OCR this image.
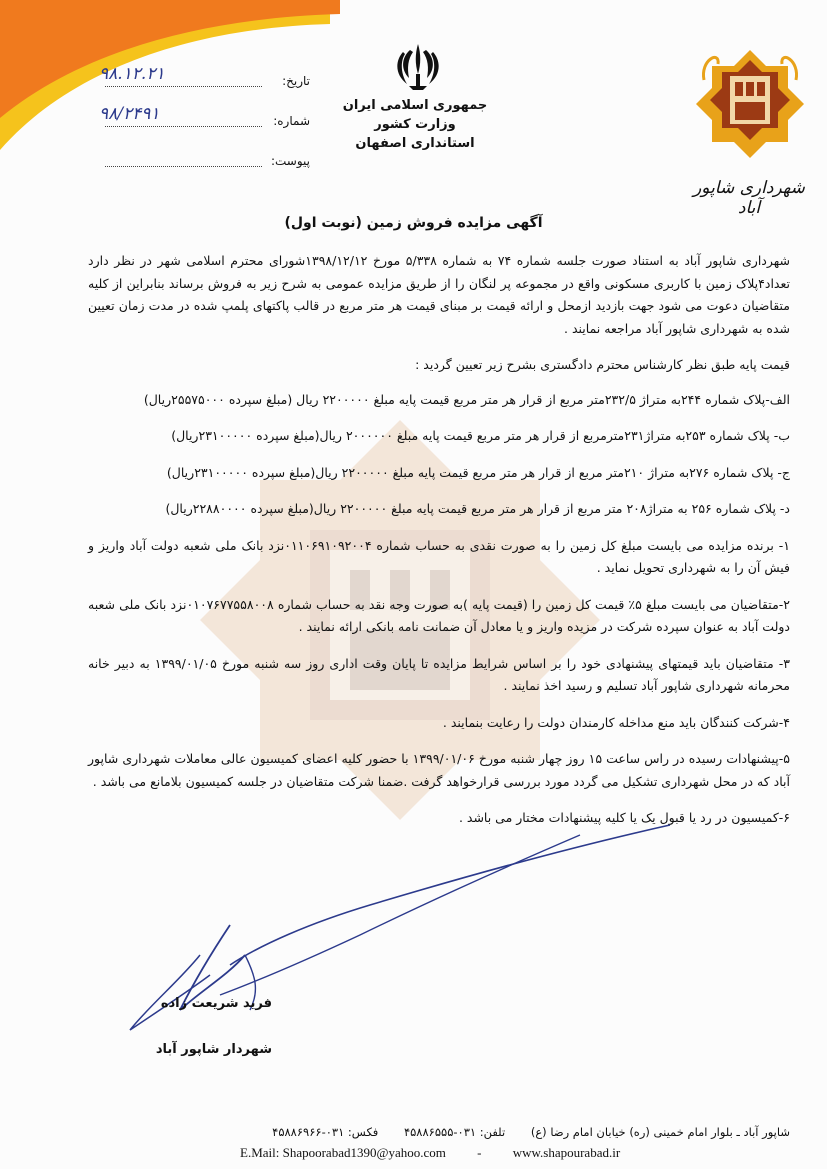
جمهوری اسلامی ایران
وزارت کشور
استانداری اصفهان
شهرداری شاپور آباد
تاریخ:
۹۸.۱۲.۲۱
شماره:
۹۸/۲۴۹۱
پیوست:
آگهی مزایده فروش زمین (نوبت اول)

شهرداری شاپور آباد به استناد صورت جلسه شماره ۷۴ به شماره ۵/۳۳۸ مورخ ۱۳۹۸/۱۲/۱۲شورای محترم اسلامی شهر در نظر دارد تعداد۴پلاک زمین با کاربری مسکونی واقع در مجموعه پر لنگان را از طریق مزایده عمومی به شرح زیر به فروش برساند بنابراین از کلیه متقاضیان دعوت می شود جهت بازدید ازمحل و ارائه قیمت بر مبنای قیمت هر متر مربع در قالب پاکتهای پلمپ شده در مدت زمان تعیین شده به شهرداری شاپور آباد مراجعه نمایند .

قیمت پایه طبق نظر کارشناس محترم دادگستری بشرح زیر تعیین گردید :

الف-پلاک شماره ۲۴۴به متراژ ۲۳۲/۵متر مربع از قرار هر متر مربع قیمت پایه مبلغ ۲۲۰۰۰۰۰ ریال (مبلغ سپرده ۲۵۵۷۵۰۰۰ریال)

ب- پلاک شماره ۲۵۳به متراژ۲۳۱مترمربع از قرار هر متر مربع قیمت پایه مبلغ ۲۰۰۰۰۰۰ ریال(مبلغ سپرده ۲۳۱۰۰۰۰۰ریال)

ج- پلاک شماره ۲۷۶به متراژ ۲۱۰متر مربع از قرار هر متر مربع قیمت پایه مبلغ ۲۲۰۰۰۰۰ ریال(مبلغ سپرده ۲۳۱۰۰۰۰۰ریال)

د- پلاک شماره ۲۵۶ به متراژ۲۰۸ متر مربع از قرار هر متر مربع قیمت پایه مبلغ ۲۲۰۰۰۰۰ ریال(مبلغ سپرده ۲۲۸۸۰۰۰۰ریال)

۱- برنده مزایده می بایست مبلغ کل زمین را به صورت نقدی به حساب شماره ۰۱۱۰۶۹۱۰۹۲۰۰۴نزد بانک ملی شعبه دولت آباد واریز و فیش آن را به شهرداری تحویل نماید .

۲-متقاضیان می بایست مبلغ ۵٪ قیمت کل زمین را (قیمت پایه )به صورت وجه نقد به حساب شماره ۰۱۰۷۶۷۷۵۵۸۰۰۸نزد بانک ملی شعبه دولت آباد به عنوان سپرده شرکت در مزیده واریز و یا معادل آن ضمانت نامه بانکی ارائه نمایند .

۳- متقاضیان باید قیمتهای پیشنهادی خود را بر اساس شرایط مزایده تا پایان وقت اداری روز سه شنبه مورخ ۱۳۹۹/۰۱/۰۵ به دبیر خانه محرمانه شهرداری شاپور آباد تسلیم و رسید اخذ نمایند .

۴-شرکت کنندگان باید منع مداخله کارمندان دولت را رعایت بنمایند .

۵-پیشنهادات رسیده در راس ساعت ۱۵ روز چهار شنبه مورخ ۱۳۹۹/۰۱/۰۶ با حضور کلیه اعضای کمیسیون عالی معاملات شهرداری شاپور آباد که در محل شهرداری تشکیل می گردد مورد بررسی قرارخواهد گرفت .ضمنا شرکت متقاضیان در جلسه کمیسیون بلامانع می باشد .

۶-کمیسیون در رد یا قبول یک یا کلیه پیشنهادات مختار می باشد .

فرید شریعت زاده
شهردار شاپور آباد
شاپور آباد ـ بلوار امام خمینی (ره) خیابان امام رضا (ع) تلفن: ۰۳۱-۴۵۸۸۶۵۵۵ فکس: ۰۳۱-۴۵۸۸۶۹۶۶
E.Mail: Shapoorabad1390@yahoo.com - www.shapourabad.ir
